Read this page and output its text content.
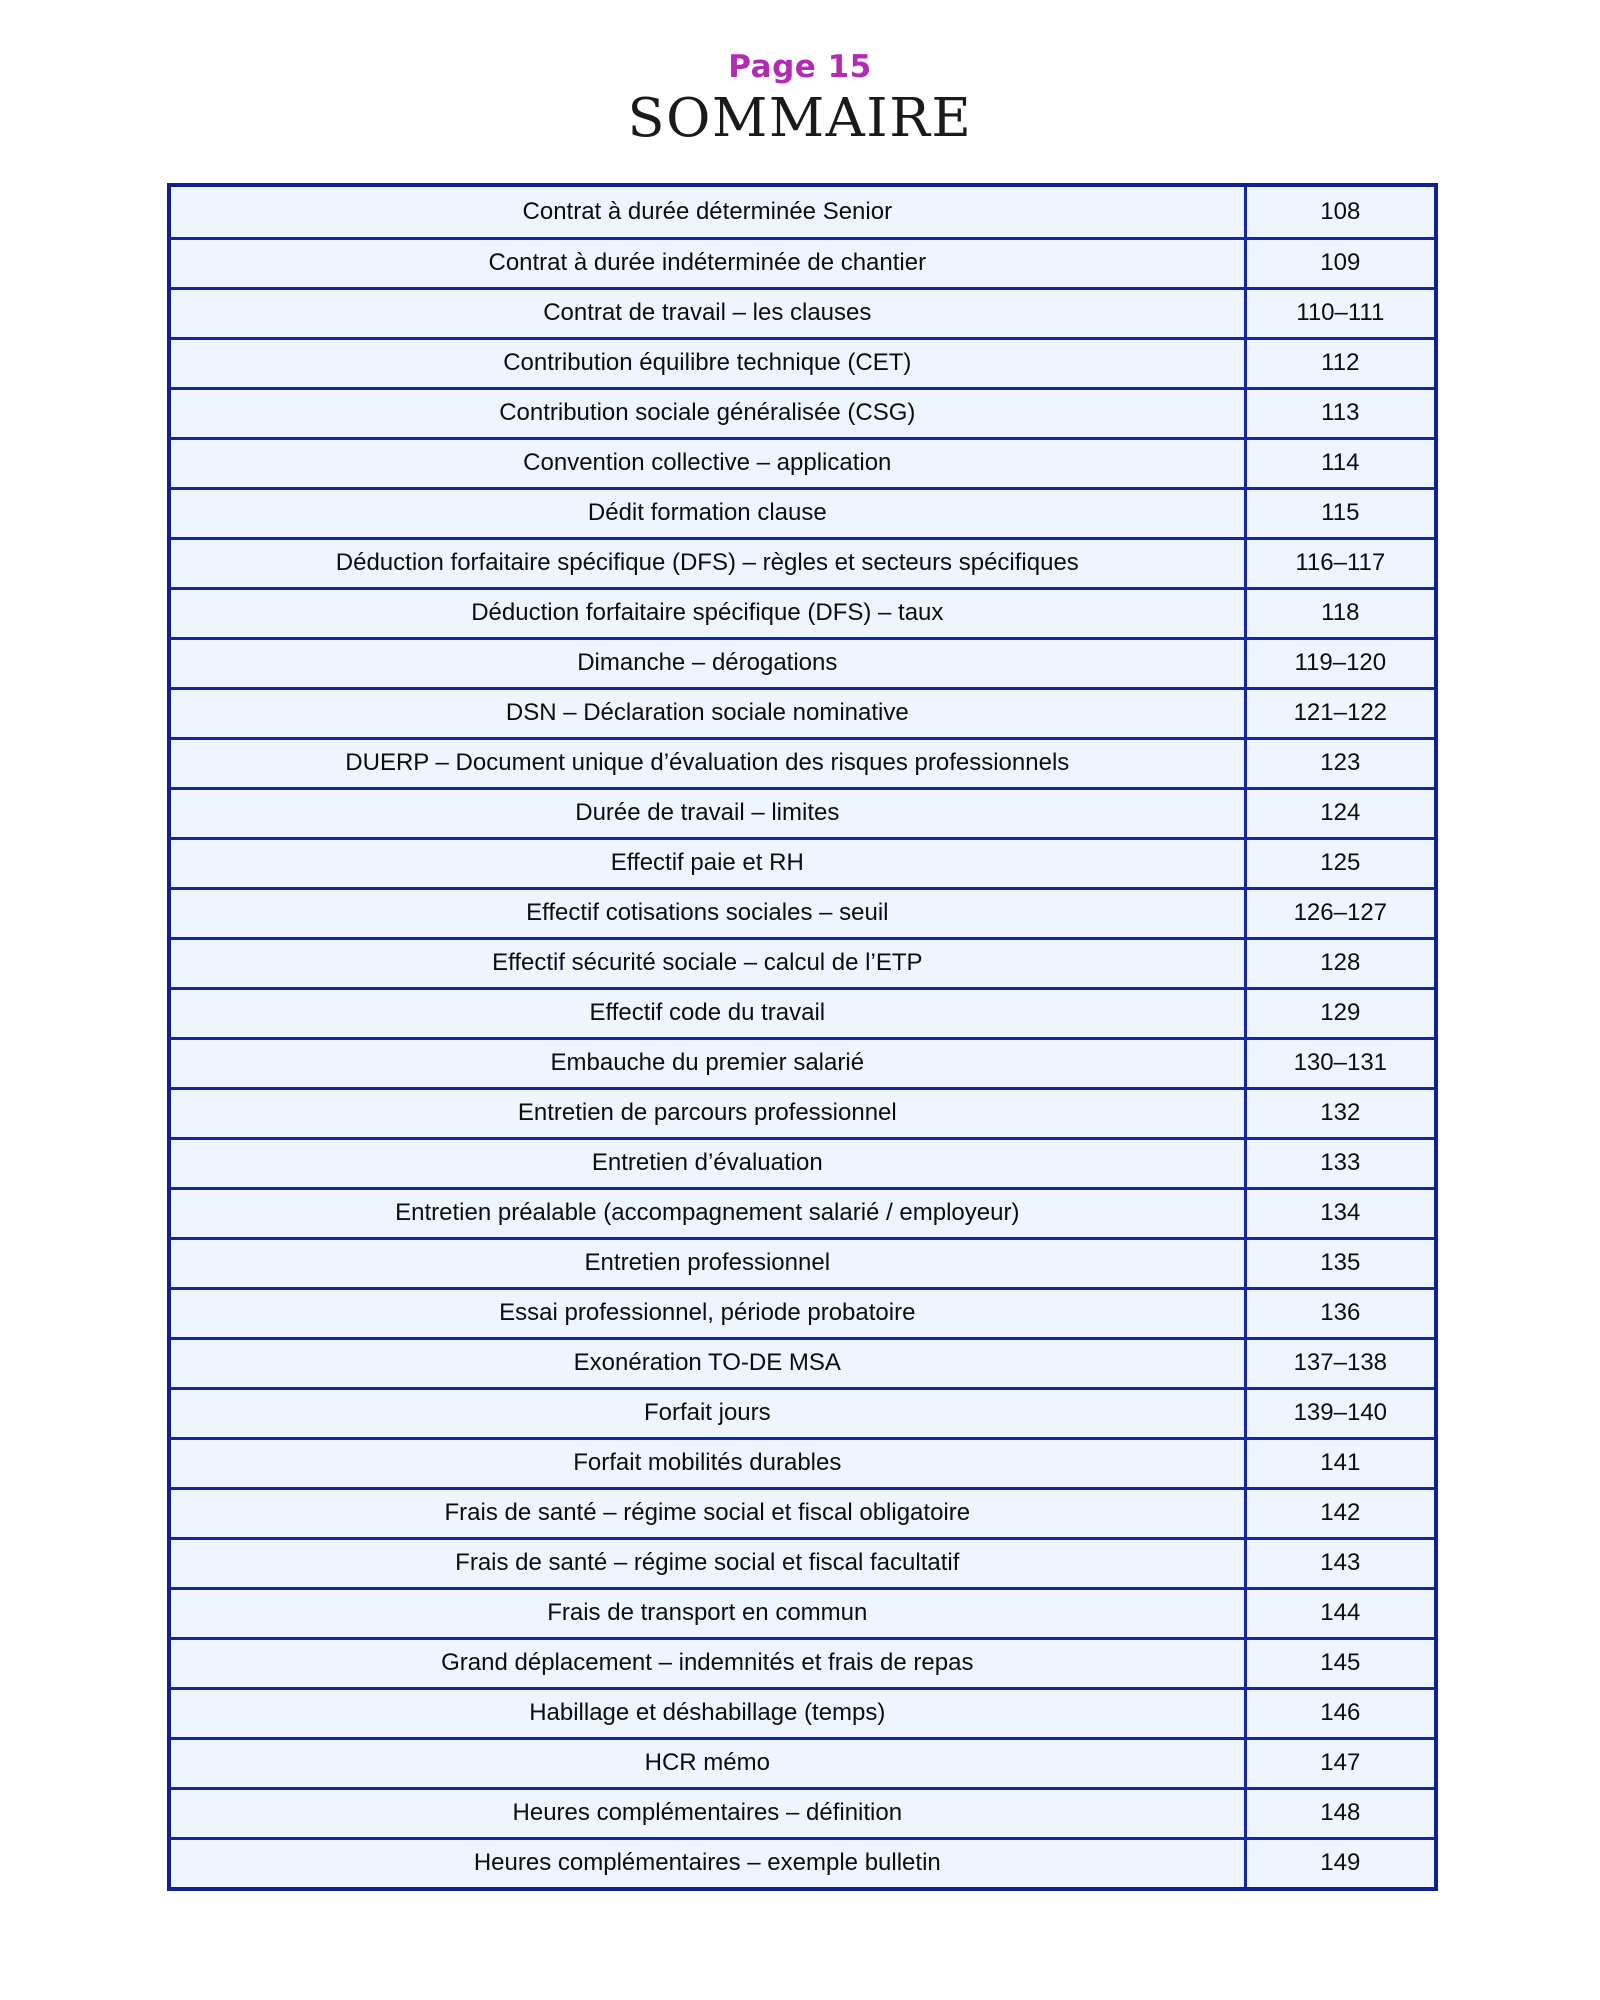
Page 15
SOMMAIRE
Contrat à durée déterminée Senior	108
Contrat à durée indéterminée de chantier	109
Contrat de travail – les clauses	110–111
Contribution équilibre technique (CET)	112
Contribution sociale généralisée (CSG)	113
Convention collective – application	114
Dédit formation clause	115
Déduction forfaitaire spécifique (DFS) – règles et secteurs spécifiques	116–117
Déduction forfaitaire spécifique (DFS) – taux	118
Dimanche – dérogations	119–120
DSN – Déclaration sociale nominative	121–122
DUERP – Document unique d’évaluation des risques professionnels	123
Durée de travail – limites	124
Effectif paie et RH	125
Effectif cotisations sociales – seuil	126–127
Effectif sécurité sociale – calcul de l’ETP	128
Effectif code du travail	129
Embauche du premier salarié	130–131
Entretien de parcours professionnel	132
Entretien d’évaluation	133
Entretien préalable (accompagnement salarié / employeur)	134
Entretien professionnel	135
Essai professionnel, période probatoire	136
Exonération TO-DE MSA	137–138
Forfait jours	139–140
Forfait mobilités durables	141
Frais de santé – régime social et fiscal obligatoire	142
Frais de santé – régime social et fiscal facultatif	143
Frais de transport en commun	144
Grand déplacement – indemnités et frais de repas	145
Habillage et déshabillage (temps)	146
HCR mémo	147
Heures complémentaires – définition	148
Heures complémentaires – exemple bulletin	149
